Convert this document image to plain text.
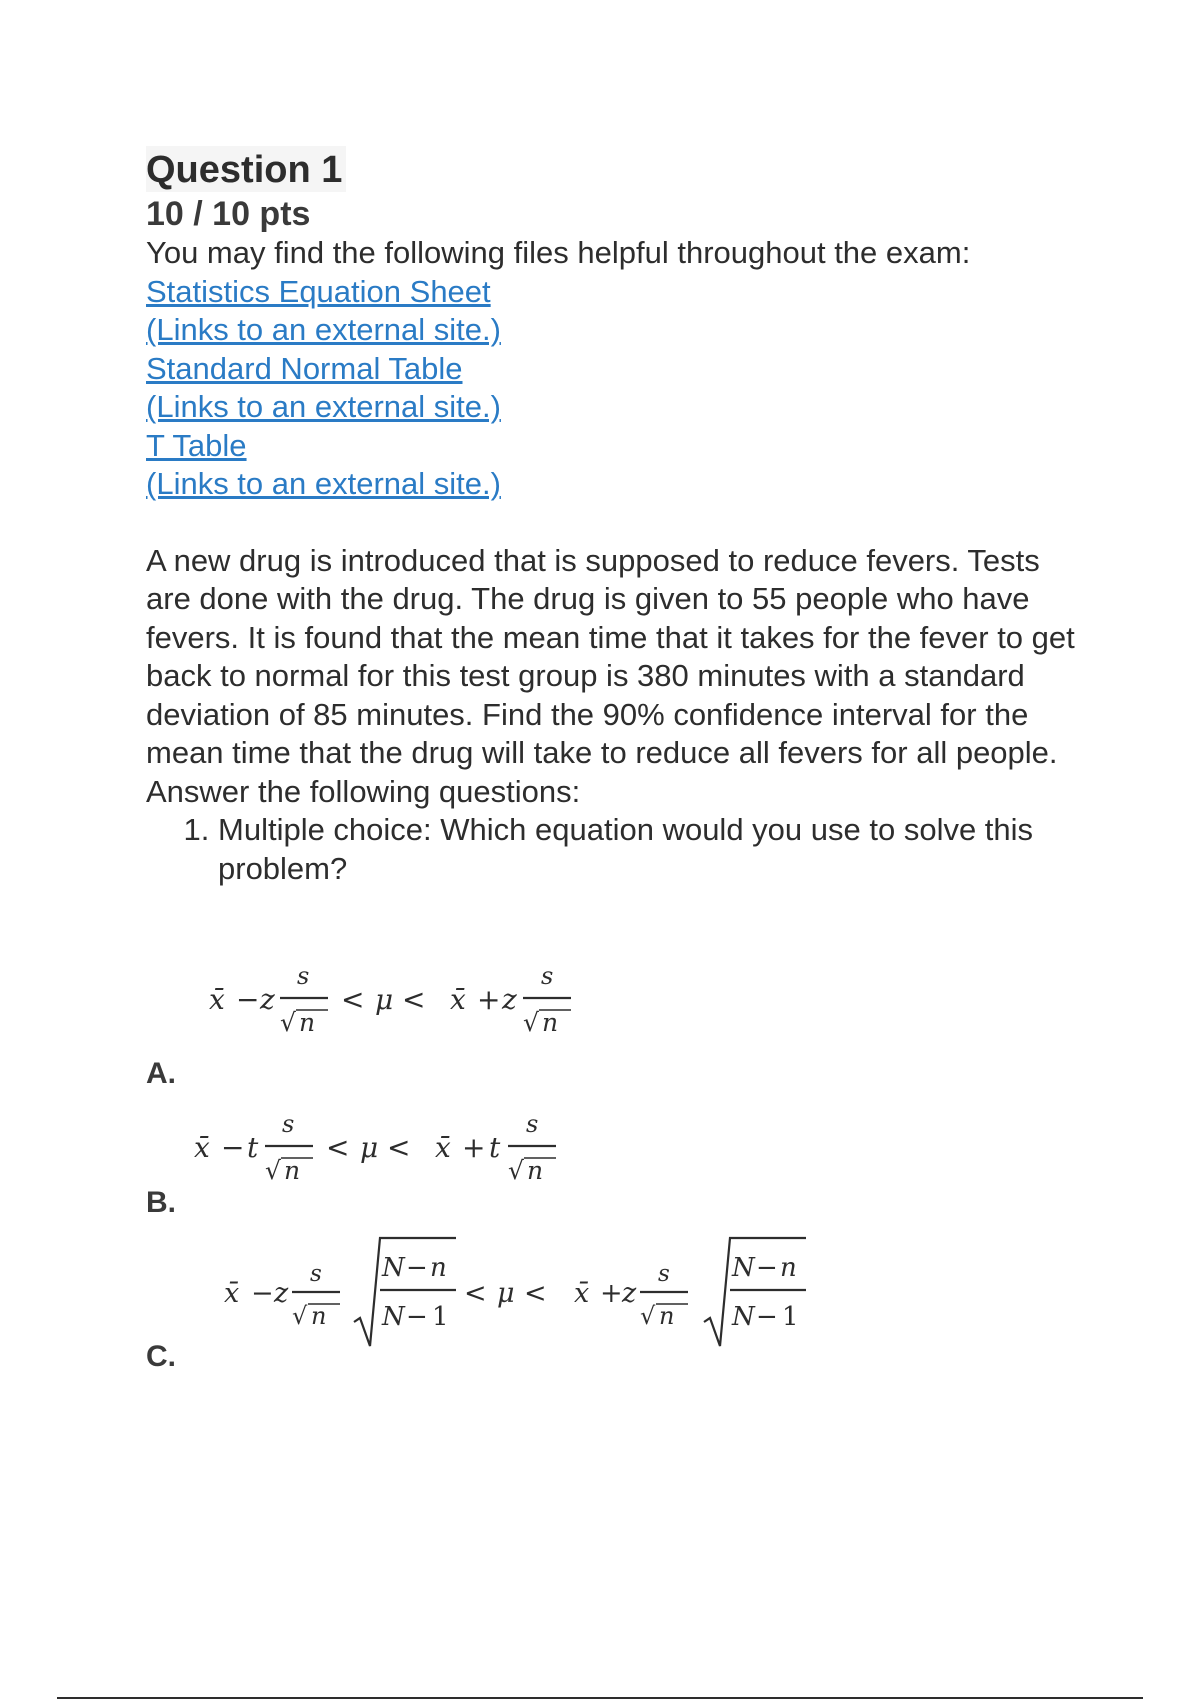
Question 1
10 / 10 pts
You may find the following files helpful throughout the exam:
Statistics Equation Sheet
(Links to an external site.)
Standard Normal Table
(Links to an external site.)
T Table
(Links to an external site.)
A new drug is introduced that is supposed to reduce fevers. Tests are done with the drug. The drug is given to 55 people who have fevers. It is found that the mean time that it takes for the fever to get back to normal for this test group is 380 minutes with a standard deviation of 85 minutes. Find the 90% confidence interval for the mean time that the drug will take to reduce all fevers for all people.
Answer the following questions:
1. Multiple choice: Which equation would you use to solve this problem?
A.
x̄ − z
s
√ n
< μ < x̄ + z
s
√ n
B.
x̄ − t
s
√ n
< μ < x̄ + t
s
√ n
C.
x̄ − z
s
√ n
N − n
N − 1
< μ < x̄ + z
s
√ n
N − n
N − 1
